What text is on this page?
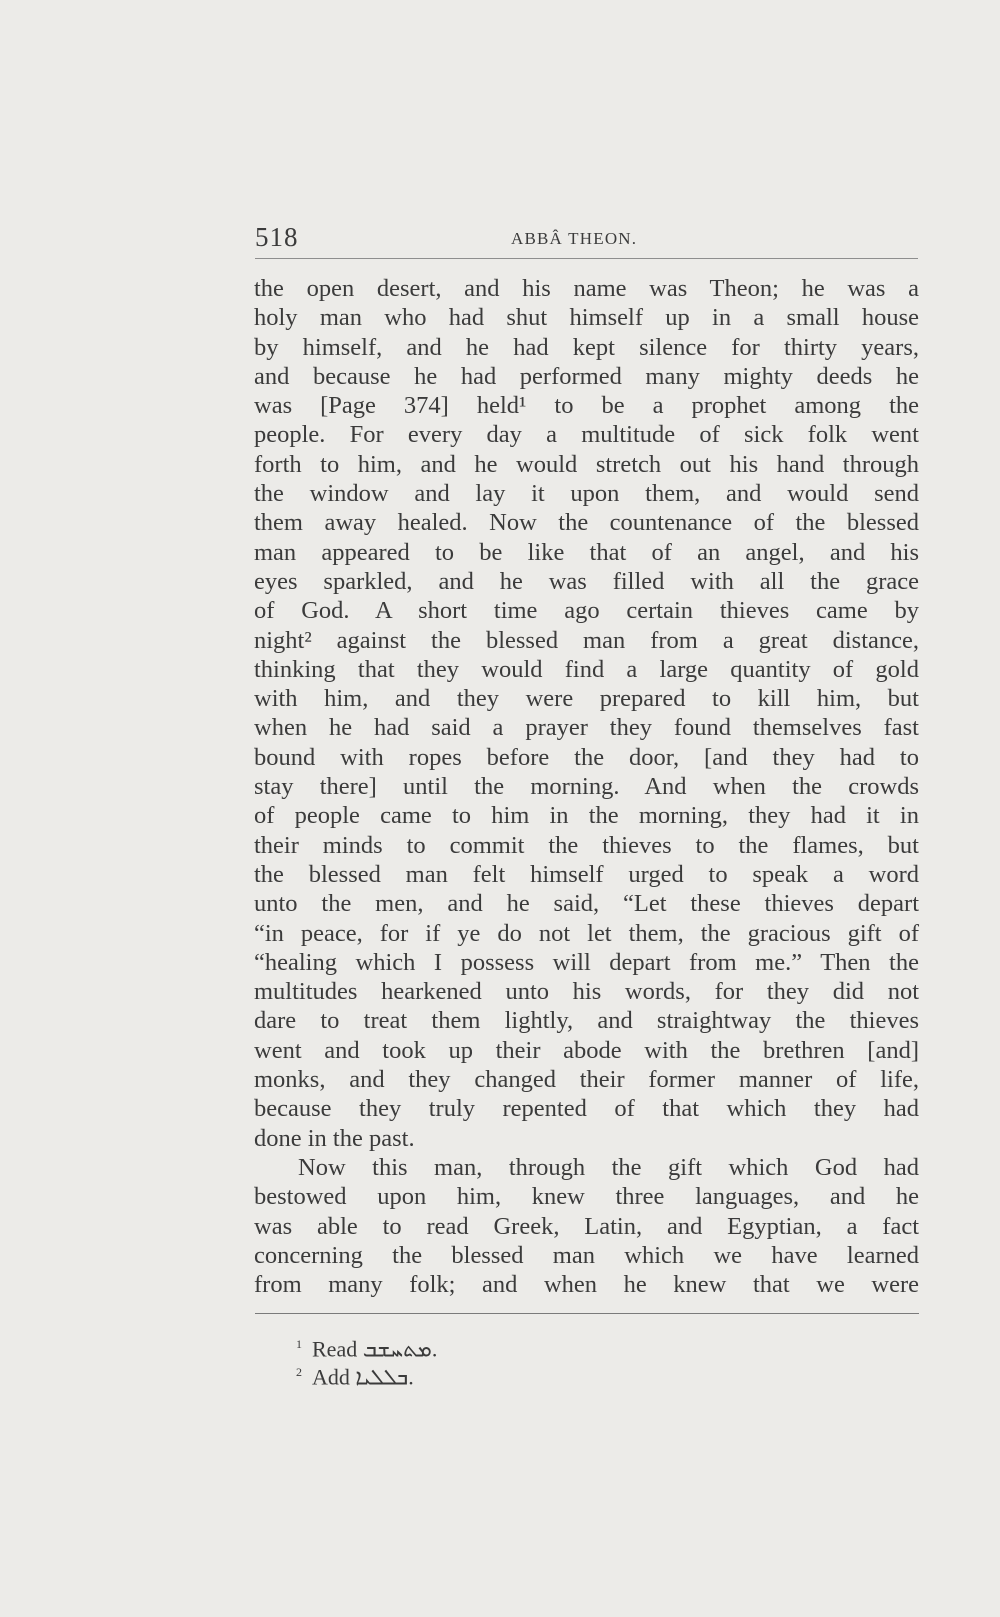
518	ABBÂ THEON.
the open desert, and his name was Theon; he was a
holy man who had shut himself up in a small house
by himself, and he had kept silence for thirty years,
and because he had performed many mighty deeds he
was [Page 374] held¹ to be a prophet among the
people. For every day a multitude of sick folk went
forth to him, and he would stretch out his hand through
the window and lay it upon them, and would send
them away healed. Now the countenance of the blessed
man appeared to be like that of an angel, and his
eyes sparkled, and he was filled with all the grace
of God. A short time ago certain thieves came by
night² against the blessed man from a great distance,
thinking that they would find a large quantity of gold
with him, and they were prepared to kill him, but
when he had said a prayer they found themselves fast
bound with ropes before the door, [and they had to
stay there] until the morning. And when the crowds
of people came to him in the morning, they had it in
their minds to commit the thieves to the flames, but
the blessed man felt himself urged to speak a word
unto the men, and he said, “Let these thieves depart
“in peace, for if ye do not let them, the gracious gift of
“healing which I possess will depart from me.” Then the
multitudes hearkened unto his words, for they did not
dare to treat them lightly, and straightway the thieves
went and took up their abode with the brethren [and]
monks, and they changed their former manner of life,
because they truly repented of that which they had
done in the past.
Now this man, through the gift which God had
bestowed upon him, knew three languages, and he
was able to read Greek, Latin, and Egyptian, a fact
concerning the blessed man which we have learned
from many folk; and when he knew that we were
$^1$ Read ܡܬܚܫܒ.
$^2$ Add ܒܠܠܝܐ.
